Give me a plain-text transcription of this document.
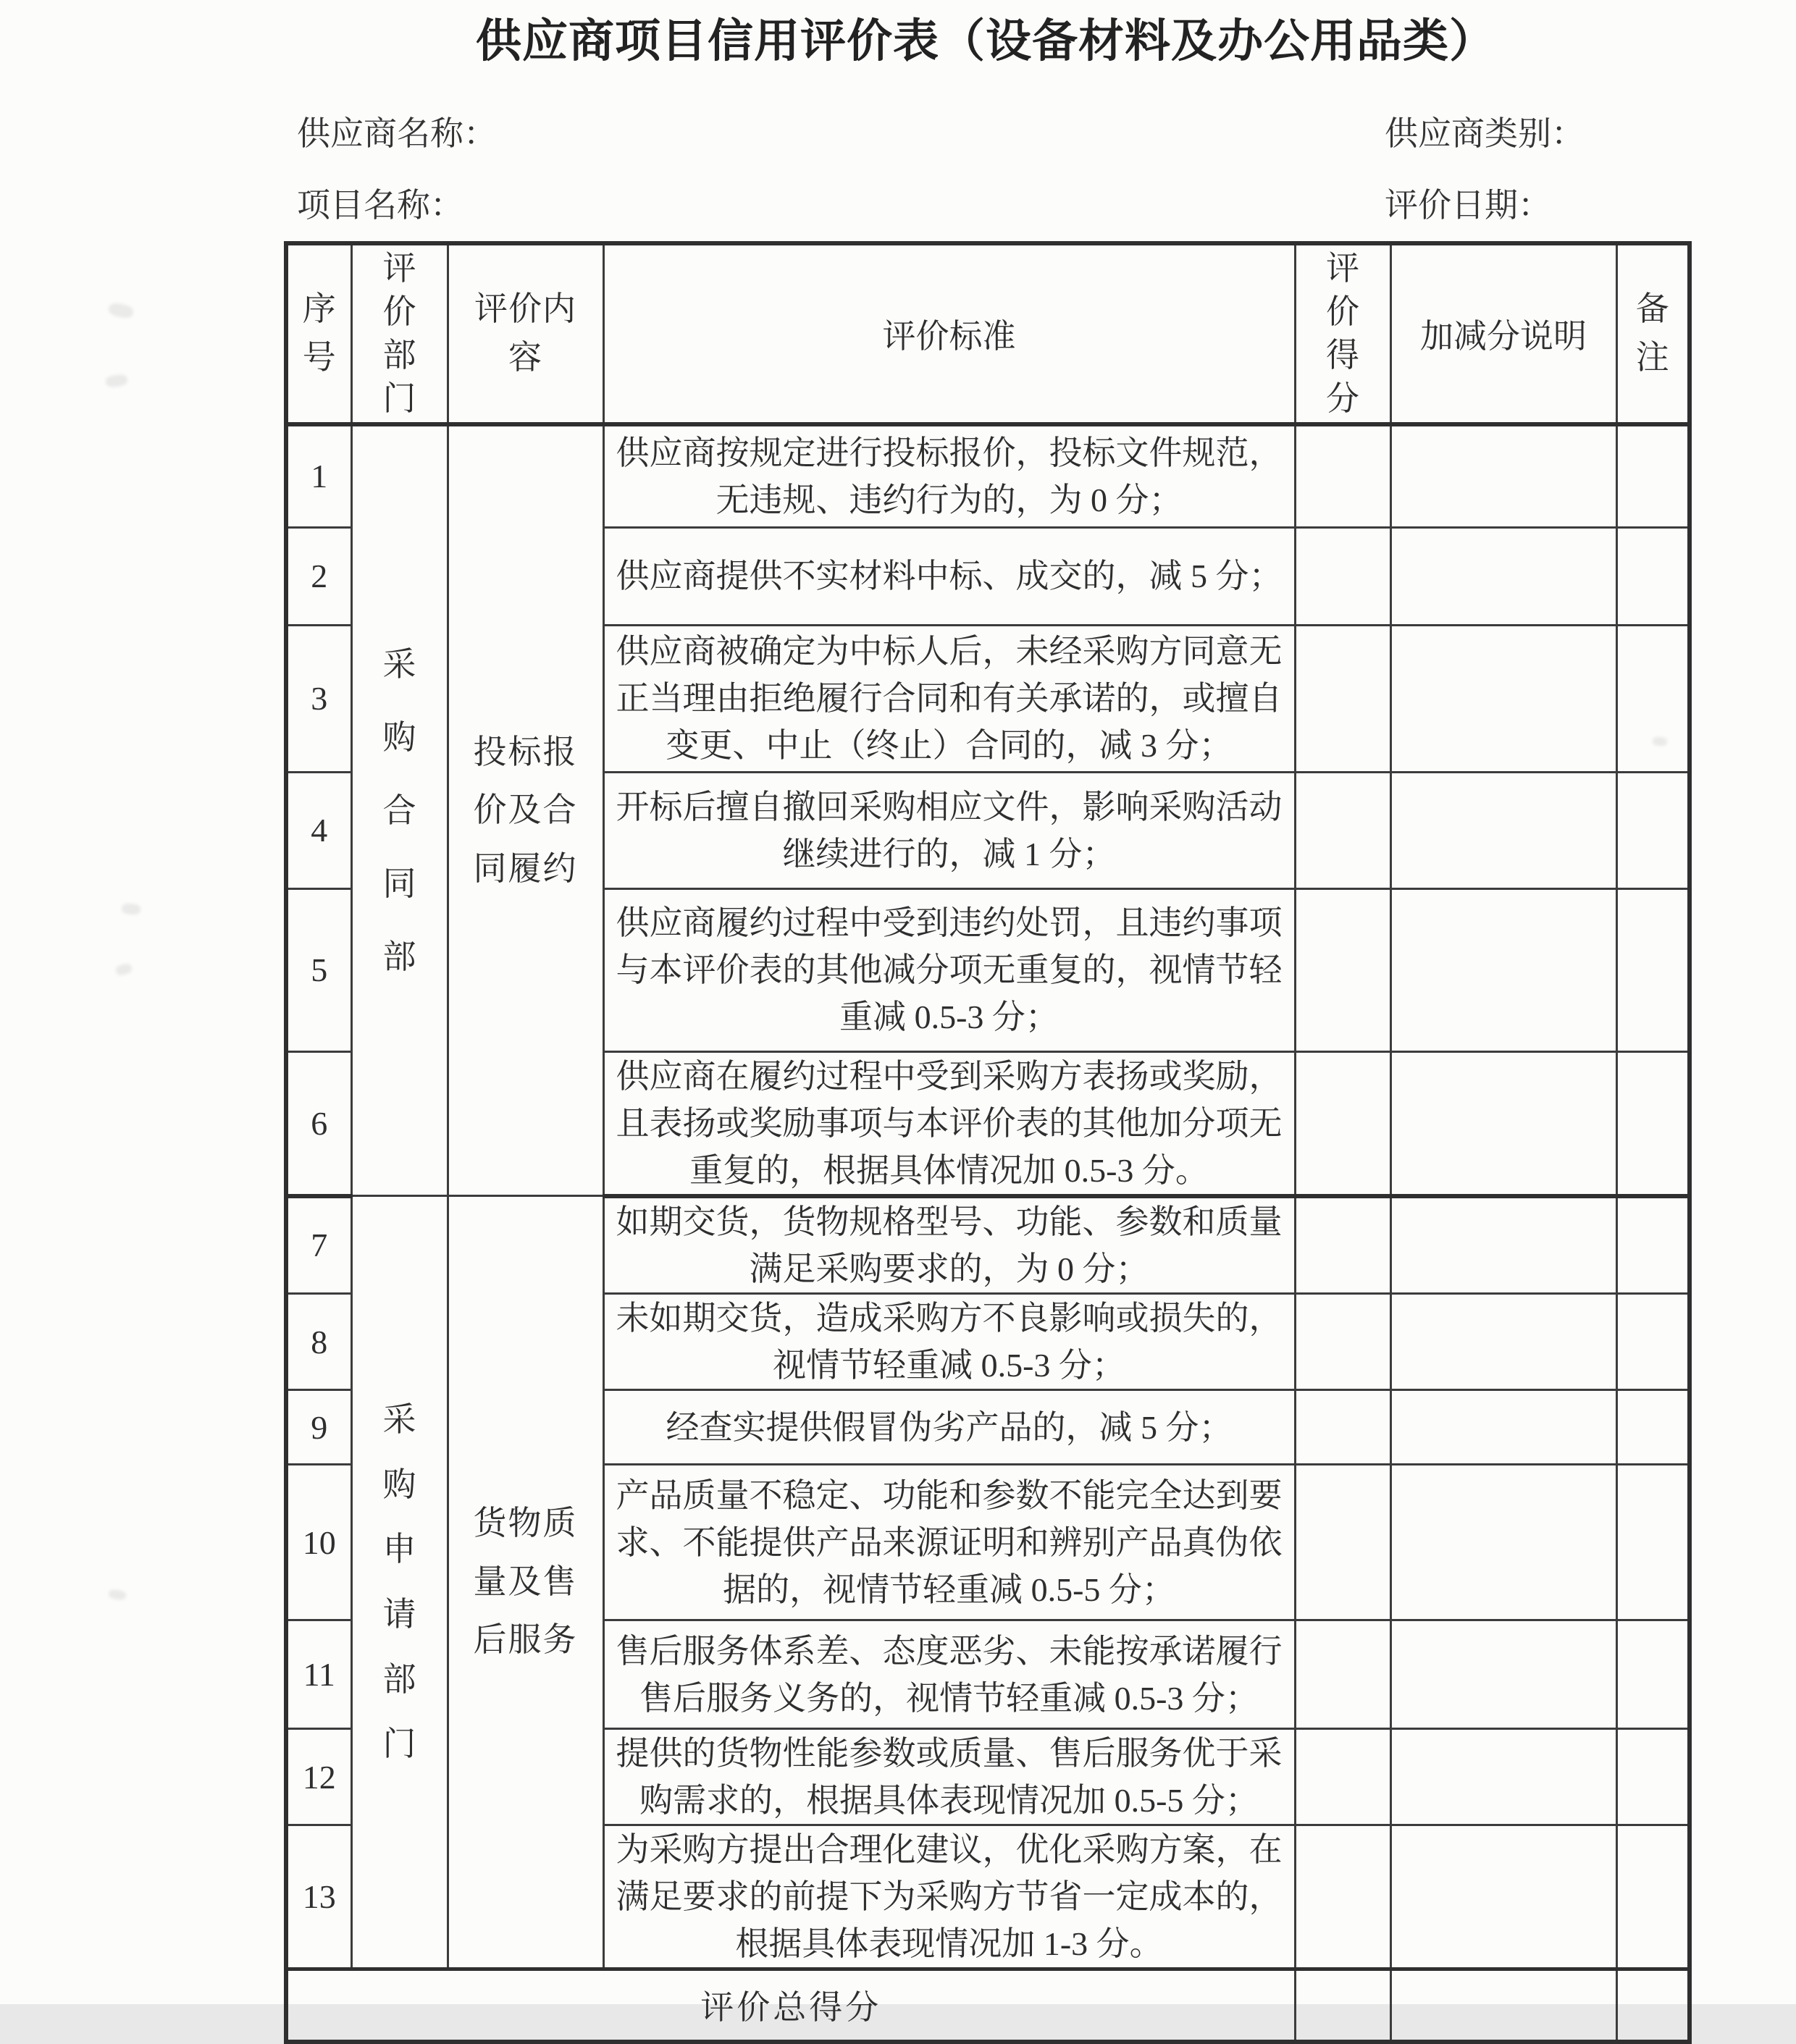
供应商项目信用评价表（设备材料及办公用品类）
供应商名称：	供应商类别：
项目名称：	评价日期：
序号	评价部门	评价内容	评价标准	评价得分	加减分说明	备注
1	采购合同部	投标报价及合同履约	供应商按规定进行投标报价，投标文件规范，无违规、违约行为的，为 0 分；			
2			供应商提供不实材料中标、成交的，减 5 分；			
3			供应商被确定为中标人后，未经采购方同意无正当理由拒绝履行合同和有关承诺的，或擅自变更、中止（终止）合同的，减 3 分；			
4			开标后擅自撤回采购相应文件，影响采购活动继续进行的，减 1 分；			
5			供应商履约过程中受到违约处罚，且违约事项与本评价表的其他减分项无重复的，视情节轻重减 0.5-3 分；			
6			供应商在履约过程中受到采购方表扬或奖励，且表扬或奖励事项与本评价表的其他加分项无重复的，根据具体情况加 0.5-3 分。			
7	采购申请部门	货物质量及售后服务	如期交货，货物规格型号、功能、参数和质量满足采购要求的，为 0 分；			
8			未如期交货，造成采购方不良影响或损失的，视情节轻重减 0.5-3 分；			
9			经查实提供假冒伪劣产品的，减 5 分；			
10			产品质量不稳定、功能和参数不能完全达到要求、不能提供产品来源证明和辨别产品真伪依据的，视情节轻重减 0.5-5 分；			
11			售后服务体系差、态度恶劣、未能按承诺履行售后服务义务的，视情节轻重减 0.5-3 分；			
12			提供的货物性能参数或质量、售后服务优于采购需求的，根据具体表现情况加 0.5-5 分；			
13			为采购方提出合理化建议，优化采购方案，在满足要求的前提下为采购方节省一定成本的，根据具体表现情况加 1-3 分。			
评价总得分						
